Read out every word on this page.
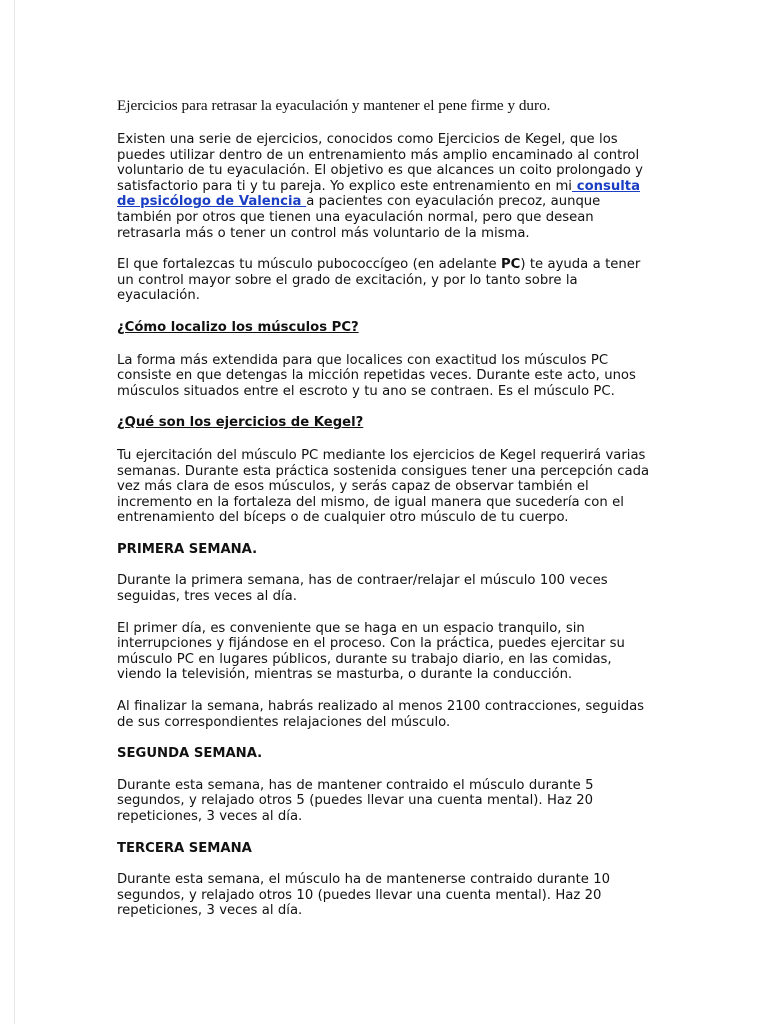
Ejercicios para retrasar la eyaculación y mantener el pene firme y duro.

Existen una serie de ejercicios, conocidos como Ejercicios de Kegel, que los puedes utilizar dentro de un entrenamiento más amplio encaminado al control voluntario de tu eyaculación. El objetivo es que alcances un coito prolongado y satisfactorio para ti y tu pareja. Yo explico este entrenamiento en mi consulta de psicólogo de Valencia a pacientes con eyaculación precoz, aunque también por otros que tienen una eyaculación normal, pero que desean retrasarla más o tener un control más voluntario de la misma.

El que fortalezcas tu músculo pubococcígeo (en adelante PC) te ayuda a tener un control mayor sobre el grado de excitación, y por lo tanto sobre la eyaculación.

¿Cómo localizo los músculos PC?

La forma más extendida para que localices con exactitud los músculos PC consiste en que detengas la micción repetidas veces. Durante este acto, unos músculos situados entre el escroto y tu ano se contraen. Es el músculo PC.

¿Qué son los ejercicios de Kegel?

Tu ejercitación del músculo PC mediante los ejercicios de Kegel requerirá varias semanas. Durante esta práctica sostenida consigues tener una percepción cada vez más clara de esos músculos, y serás capaz de observar también el incremento en la fortaleza del mismo, de igual manera que sucedería con el entrenamiento del bíceps o de cualquier otro músculo de tu cuerpo.

PRIMERA SEMANA.

Durante la primera semana, has de contraer/relajar el músculo 100 veces seguidas, tres veces al día.

El primer día, es conveniente que se haga en un espacio tranquilo, sin interrupciones y fijándose en el proceso. Con la práctica, puedes ejercitar su músculo PC en lugares públicos, durante su trabajo diario, en las comidas, viendo la televisión, mientras se masturba, o durante la conducción.

Al finalizar la semana, habrás realizado al menos 2100 contracciones, seguidas de sus correspondientes relajaciones del músculo.

SEGUNDA SEMANA.

Durante esta semana, has de mantener contraido el músculo durante 5 segundos, y relajado otros 5 (puedes llevar una cuenta mental). Haz 20 repeticiones, 3 veces al día.

TERCERA SEMANA

Durante esta semana, el músculo ha de mantenerse contraido durante 10 segundos, y relajado otros 10 (puedes llevar una cuenta mental). Haz 20 repeticiones, 3 veces al día.
